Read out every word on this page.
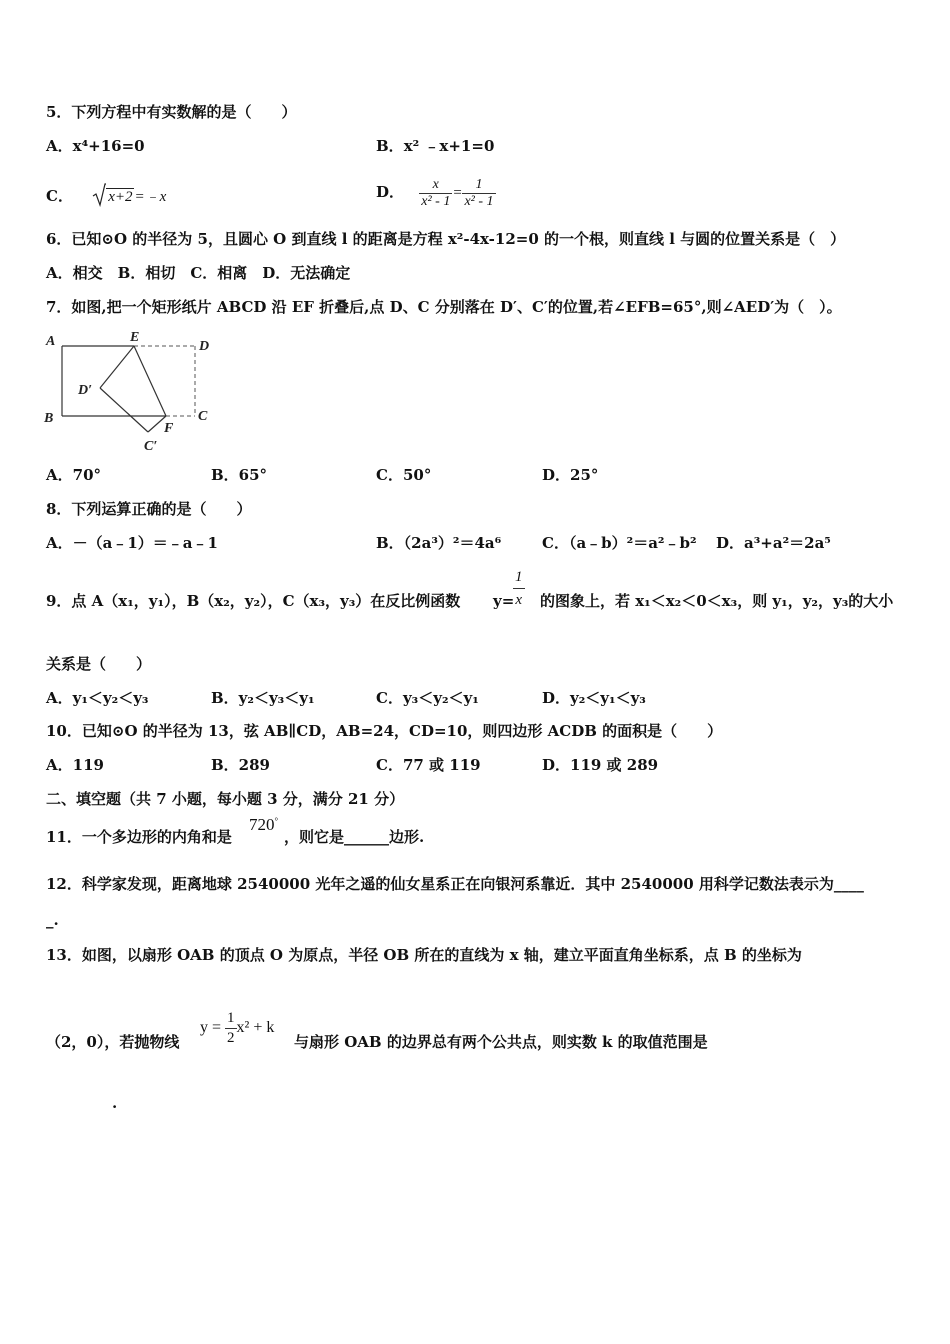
5．下列方程中有实数解的是（　　）
A．x⁴+16=0	B．x² ﹣x+1=0
C． x+2 =﹣x	D． $\frac{x}{\text{x² - 1}} = \frac{1}{\text{x² - 1}}$
6．已知⊙O 的半径为 5，且圆心 O 到直线 l 的距离是方程 x²-4x-12=0 的一个根，则直线 l 与圆的位置关系是（　）
A．相交　B．相切　C．相离　D．无法确定
7．如图,把一个矩形纸片 ABCD 沿 EF 折叠后,点 D、C 分别落在 D′、C′的位置,若∠EFB=65°,则∠AED′为（　）。
A	E
D
D′
B
F
C
C′
A．70°	B．65°	C．50°	D．25°
8．下列运算正确的是（　　）
A．－（a﹣1）＝﹣a﹣1	B．（2a³）²＝4a⁶	C．（a﹣b）²＝a²﹣b² D．a³+a²＝2a⁵
9．点 A（x₁，y₁），B（x₂，y₂），C（x₃，y₃）在反比例函数 y=
$\frac{1}{x}$ 的图象上，若 x₁＜x₂＜0＜x₃，则 y₁，y₂，y₃的大小
关系是（　　）
A．y₁＜y₂＜y₃	B．y₂＜y₃＜y₁	C．y₃＜y₂＜y₁	D．y₂＜y₁＜y₃
10．已知⊙O 的半径为 13，弦 AB∥CD，AB=24，CD=10，则四边形 ACDB 的面积是（　　）
A．119	B．289	C．77 或 119	D．119 或 289
二、填空题（共 7 小题，每小题 3 分，满分 21 分）
11．一个多边形的内角和是
720°
，则它是______边形.
12．科学家发现，距离地球 2540000 光年之遥的仙女星系正在向银河系靠近．其中 2540000 用科学记数法表示为____
_.
13．如图，以扇形 OAB 的顶点 O 为原点，半径 OB 所在的直线为 x 轴，建立平面直角坐标系，点 B 的坐标为
（2，0），若抛物线
$y = \frac{1}{2} x^2 + k$
与扇形 OAB 的边界总有两个公共点，则实数 k 的取值范围是
.
